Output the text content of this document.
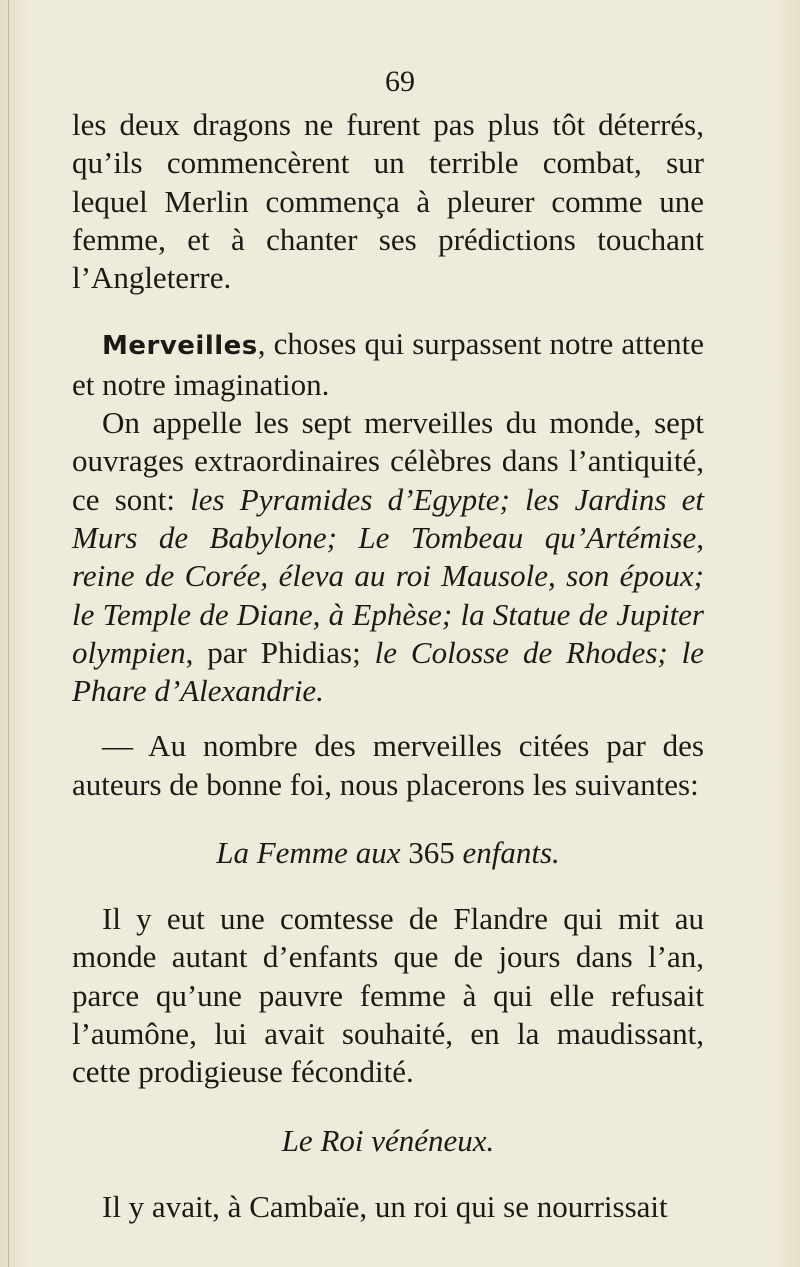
69

les deux dragons ne furent pas plus tôt déterrés, qu’ils commencèrent un terrible combat, sur lequel Merlin commença à pleurer comme une femme, et à chanter ses prédictions touchant l’Angleterre.

Merveilles, choses qui surpassent notre attente et notre imagination.

On appelle les sept merveilles du monde, sept ouvrages extraordinaires célèbres dans l’antiquité, ce sont: les Pyramides d’Egypte; les Jardins et Murs de Babylone; Le Tombeau qu’Artémise, reine de Corée, éleva au roi Mausole, son époux; le Temple de Diane, à Ephèse; la Statue de Jupiter olympien, par Phidias; le Colosse de Rhodes; le Phare d’Alexandrie.

— Au nombre des merveilles citées par des auteurs de bonne foi, nous placerons les suivantes:

La Femme aux 365 enfants.

Il y eut une comtesse de Flandre qui mit au monde autant d’enfants que de jours dans l’an, parce qu’une pauvre femme à qui elle refusait l’aumône, lui avait souhaité, en la maudissant, cette prodigieuse fécondité.

Le Roi vénéneux.

Il y avait, à Cambaïe, un roi qui se nourrissait
